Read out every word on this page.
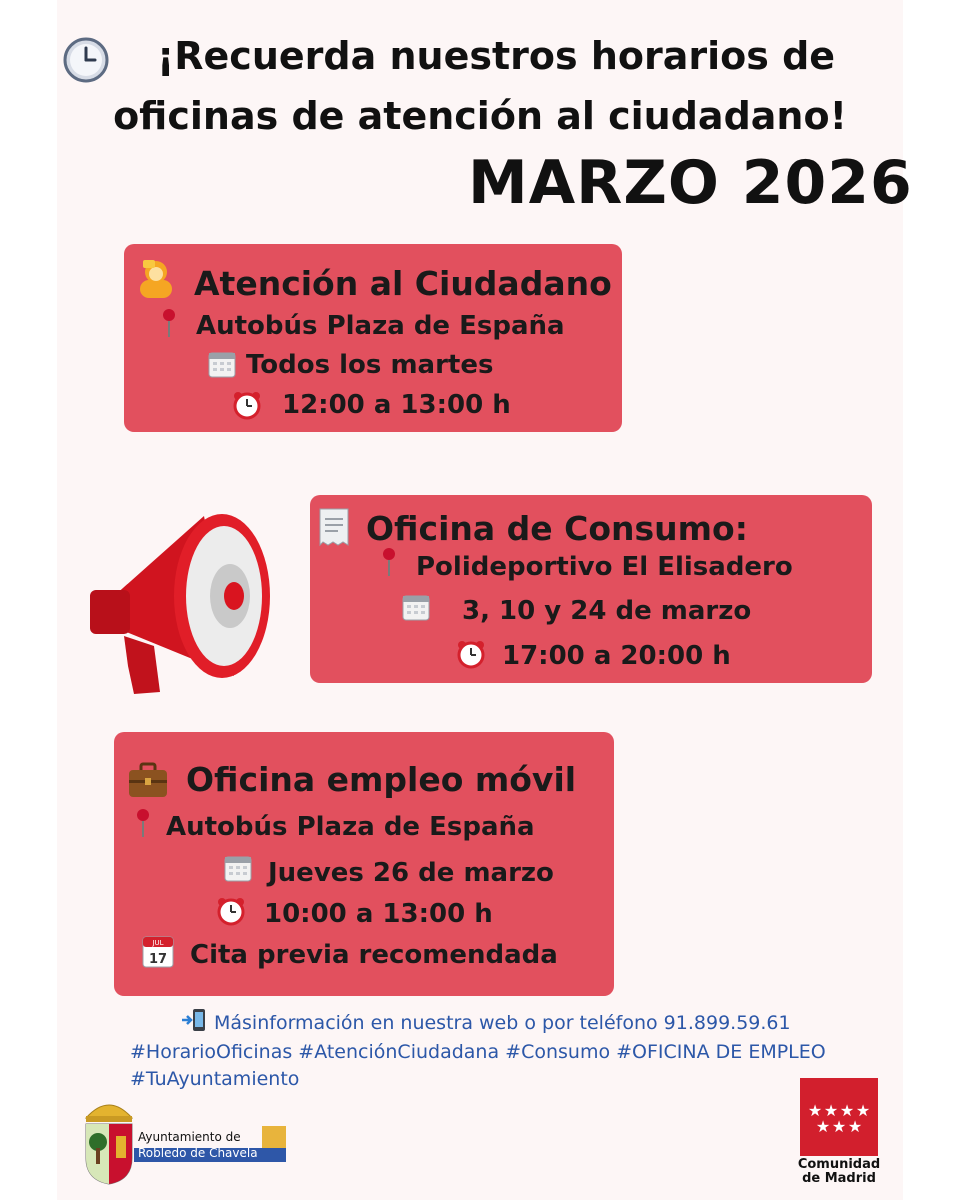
¡Recuerda nuestros horarios de
oficinas de atención al ciudadano!
MARZO 2026
Atención al Ciudadano
Autobús Plaza de España
Todos los martes
12:00 a 13:00 h
Oficina de Consumo:
Polideportivo El Elisadero
3, 10 y 24 de marzo
17:00 a 20:00 h
Oficina empleo móvil
Autobús Plaza de España
Jueves 26 de marzo
10:00 a 13:00 h
JUL
17 Cita previa recomendada
Másinformación en nuestra web o por teléfono 91.899.59.61
#HorarioOficinas #AtenciónCiudadana #Consumo #OFICINA DE EMPLEO
#TuAyuntamiento
Ayuntamiento de
Robledo de Chavela
★ ★ ★ ★
★ ★ ★
Comunidad
de Madrid
